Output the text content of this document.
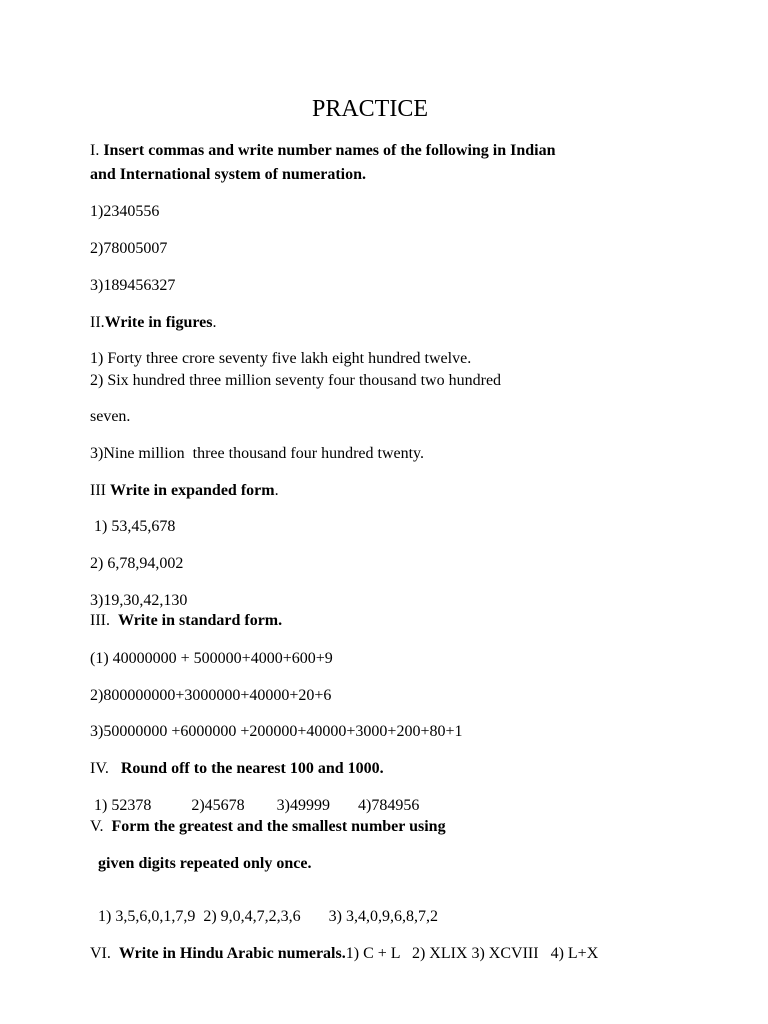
PRACTICE
I. Insert commas and write number names of the following in Indian
and International system of numeration.
1)2340556
2)78005007
3)189456327
II.Write in figures.
1) Forty three crore seventy five lakh eight hundred twelve.
2) Six hundred three million seventy four thousand two hundred
seven.
3)Nine million  three thousand four hundred twenty.
III Write in expanded form.
1) 53,45,678
2) 6,78,94,002
3)19,30,42,130
III.  Write in standard form.
(1) 40000000 + 500000+4000+600+9
2)800000000+3000000+40000+20+6
3)50000000 +6000000 +200000+40000+3000+200+80+1
IV.   Round off to the nearest 100 and 1000.
1) 52378          2)45678        3)49999       4)784956
V.  Form the greatest and the smallest number using
given digits repeated only once.
1) 3,5,6,0,1,7,9  2) 9,0,4,7,2,3,6       3) 3,4,0,9,6,8,7,2
VI.  Write in Hindu Arabic numerals.1) C + L   2) XLIX 3) XCVIII   4) L+X
